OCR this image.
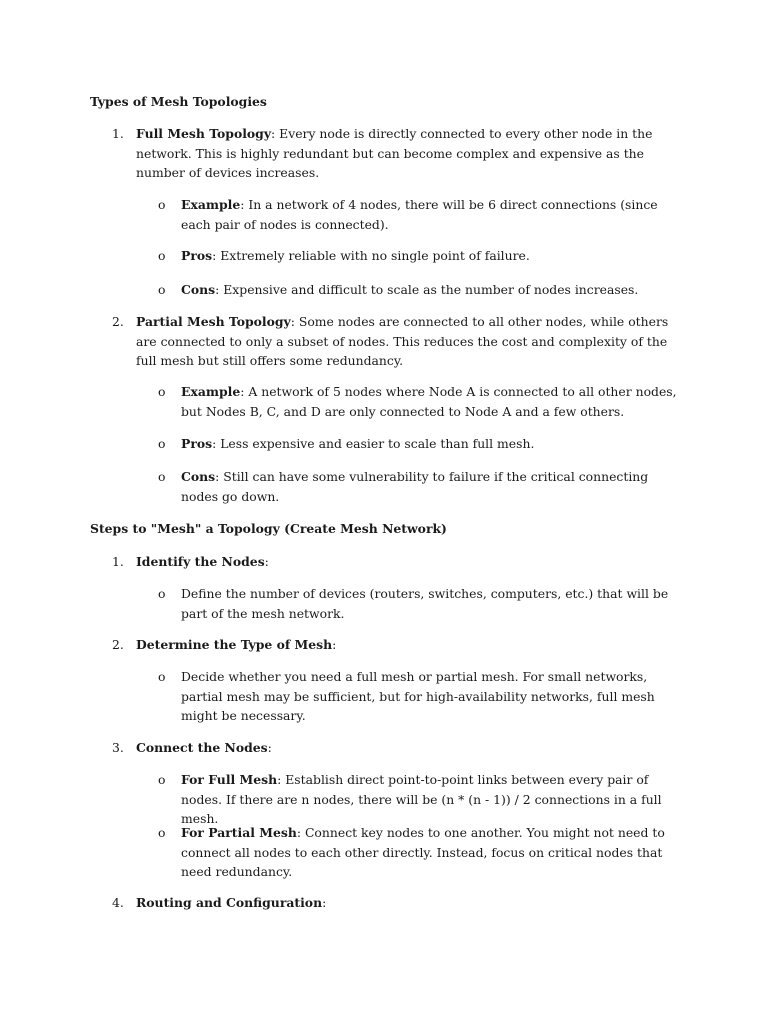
Types of Mesh Topologies

1. Full Mesh Topology: Every node is directly connected to every other node in the network. This is highly redundant but can become complex and expensive as the number of devices increases.

o	Example: In a network of 4 nodes, there will be 6 direct connections (since each pair of nodes is connected).

o	Pros: Extremely reliable with no single point of failure.

o	Cons: Expensive and difficult to scale as the number of nodes increases.

2. Partial Mesh Topology: Some nodes are connected to all other nodes, while others are connected to only a subset of nodes. This reduces the cost and complexity of the full mesh but still offers some redundancy.

o	Example: A network of 5 nodes where Node A is connected to all other nodes, but Nodes B, C, and D are only connected to Node A and a few others.

o	Pros: Less expensive and easier to scale than full mesh.

o	Cons: Still can have some vulnerability to failure if the critical connecting nodes go down.

Steps to "Mesh" a Topology (Create Mesh Network)

1. Identify the Nodes:

o	Define the number of devices (routers, switches, computers, etc.) that will be part of the mesh network.

2. Determine the Type of Mesh:

o	Decide whether you need a full mesh or partial mesh. For small networks, partial mesh may be sufficient, but for high-availability networks, full mesh might be necessary.

3. Connect the Nodes:

o	For Full Mesh: Establish direct point-to-point links between every pair of nodes. If there are n nodes, there will be (n * (n - 1)) / 2 connections in a full mesh.

o	For Partial Mesh: Connect key nodes to one another. You might not need to connect all nodes to each other directly. Instead, focus on critical nodes that need redundancy.

4. Routing and Configuration:
